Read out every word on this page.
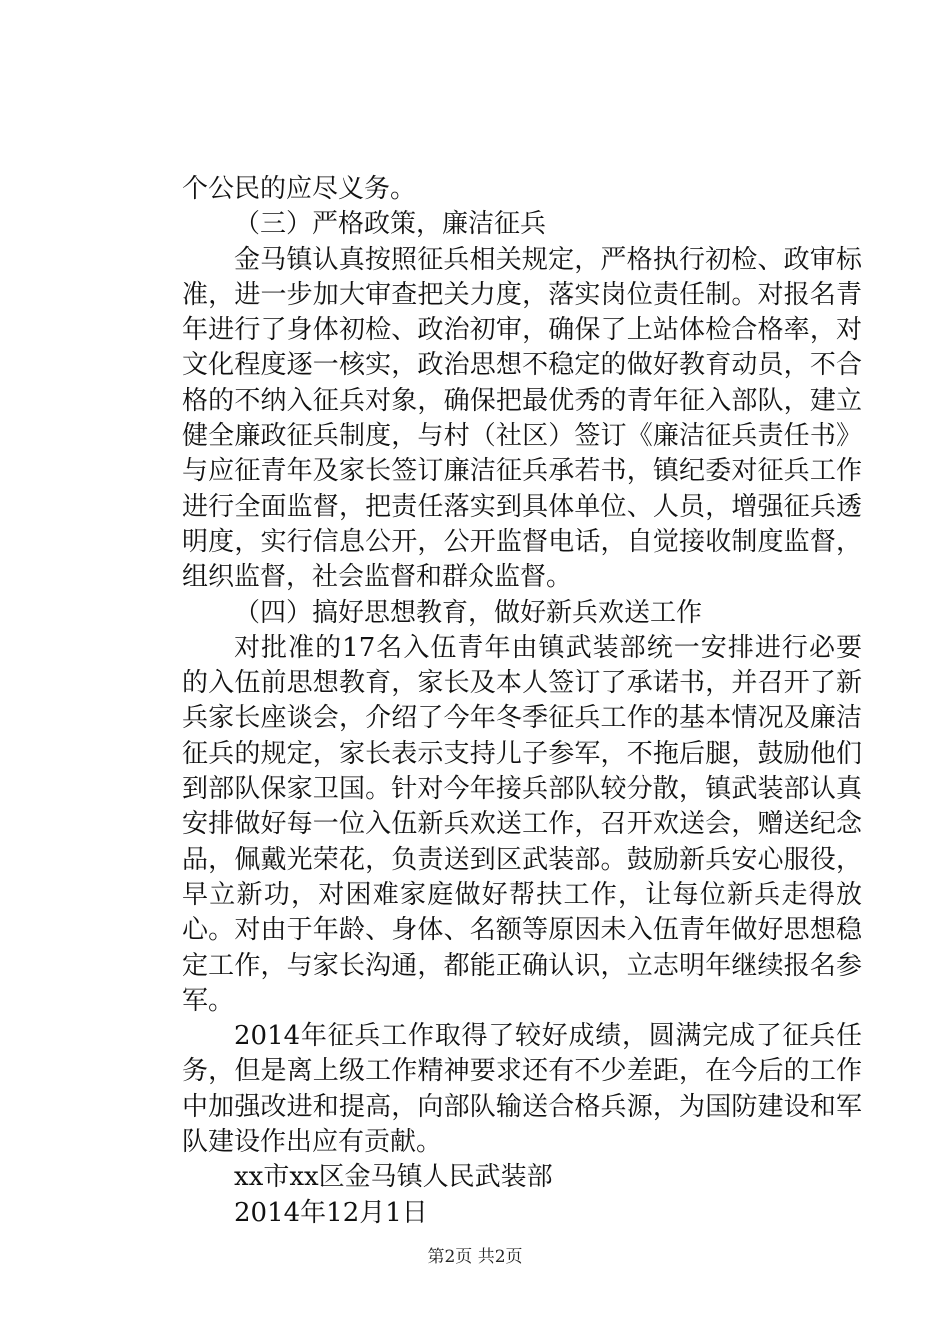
个公民的应尽义务。

（三）严格政策，廉洁征兵

金马镇认真按照征兵相关规定，严格执行初检、政审标准，进一步加大审查把关力度，落实岗位责任制。对报名青年进行了身体初检、政治初审，确保了上站体检合格率，对文化程度逐一核实，政治思想不稳定的做好教育动员，不合格的不纳入征兵对象，确保把最优秀的青年征入部队，建立健全廉政征兵制度，与村（社区）签订《廉洁征兵责任书》与应征青年及家长签订廉洁征兵承若书，镇纪委对征兵工作进行全面监督，把责任落实到具体单位、人员，增强征兵透明度，实行信息公开，公开监督电话，自觉接收制度监督，组织监督，社会监督和群众监督。

（四）搞好思想教育，做好新兵欢送工作

对批准的17名入伍青年由镇武装部统一安排进行必要的入伍前思想教育，家长及本人签订了承诺书，并召开了新兵家长座谈会，介绍了今年冬季征兵工作的基本情况及廉洁征兵的规定，家长表示支持儿子参军，不拖后腿，鼓励他们到部队保家卫国。针对今年接兵部队较分散，镇武装部认真安排做好每一位入伍新兵欢送工作，召开欢送会，赠送纪念品，佩戴光荣花，负责送到区武装部。鼓励新兵安心服役，早立新功，对困难家庭做好帮扶工作，让每位新兵走得放心。对由于年龄、身体、名额等原因未入伍青年做好思想稳定工作，与家长沟通，都能正确认识，立志明年继续报名参军。

2014年征兵工作取得了较好成绩，圆满完成了征兵任务，但是离上级工作精神要求还有不少差距，在今后的工作中加强改进和提高，向部队输送合格兵源，为国防建设和军队建设作出应有贡献。

xx市xx区金马镇人民武装部

2014年12月1日

第2页 共2页
